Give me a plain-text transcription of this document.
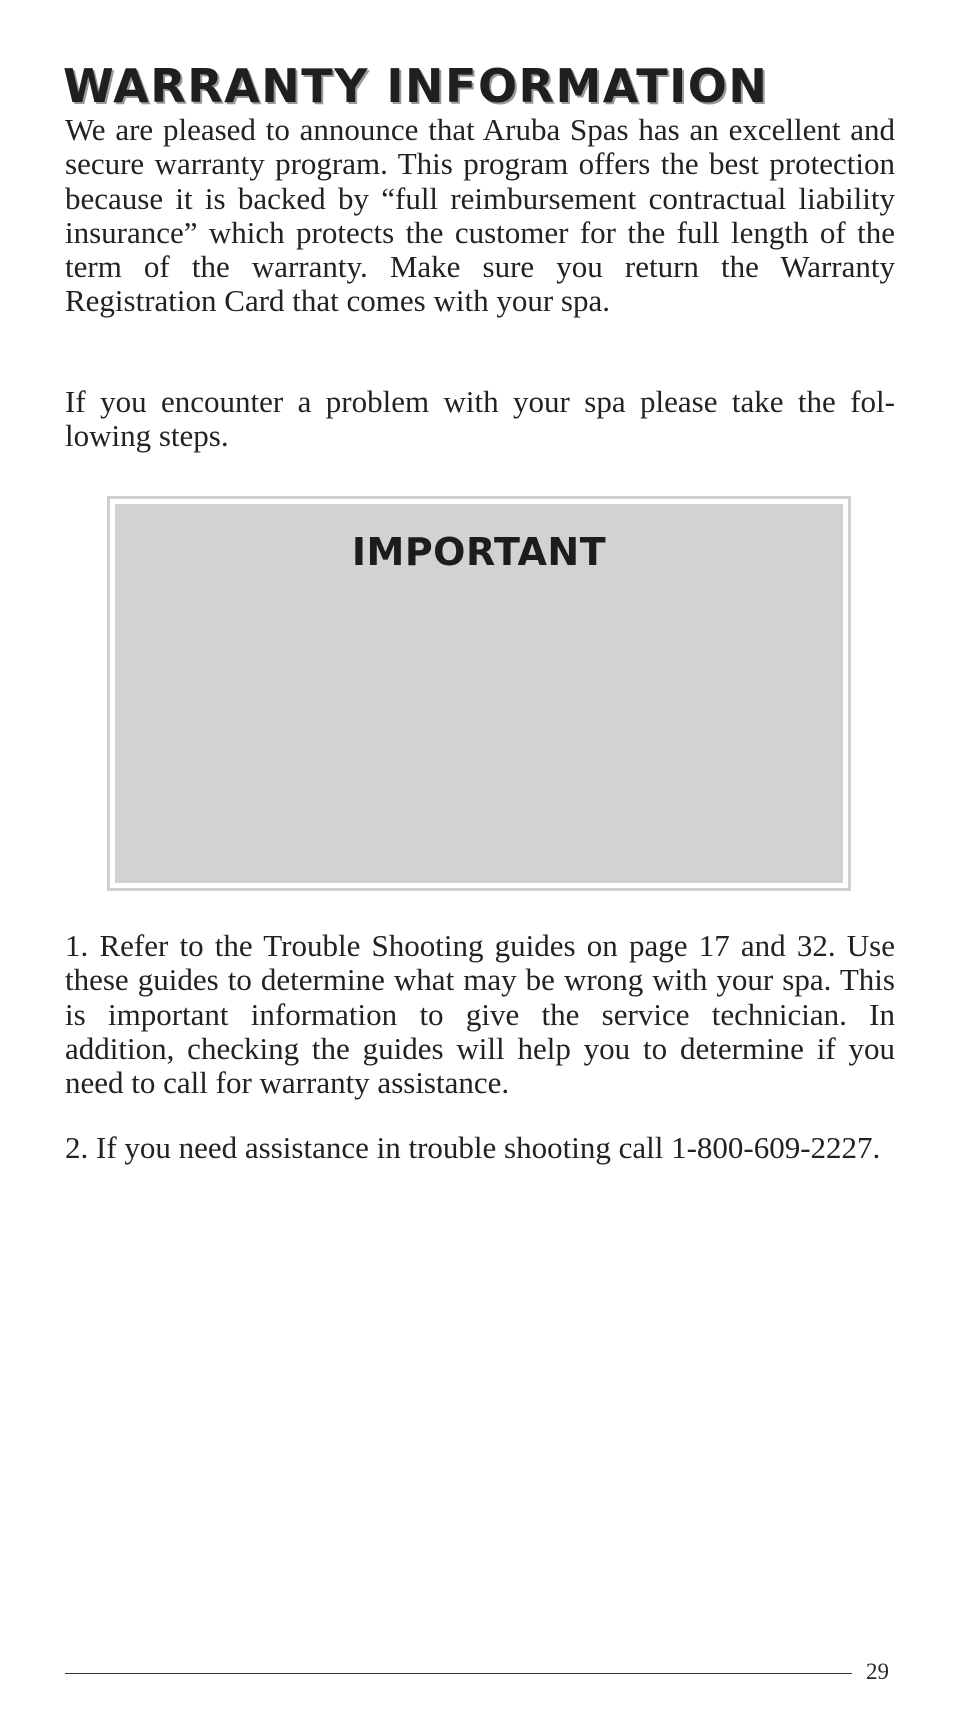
WARRANTY INFORMATION

We are pleased to announce that Aruba Spas has an excellent and secure warranty program. This program offers the best protection because it is backed by “full reimbursement contractual liability insurance” which protects the customer for the full length of the term of the warranty. Make sure you return the Warranty Registration Card that comes with your spa.

If you encounter a problem with your spa please take the following steps.

IMPORTANT

1. Refer to the Trouble Shooting guides on page 17 and 32. Use these guides to determine what may be wrong with your spa. This is important information to give the service technician. In addition, checking the guides will help you to determine if you need to call for warranty assistance.

2. If you need assistance in trouble shooting call 1-800-609-2227.

29
